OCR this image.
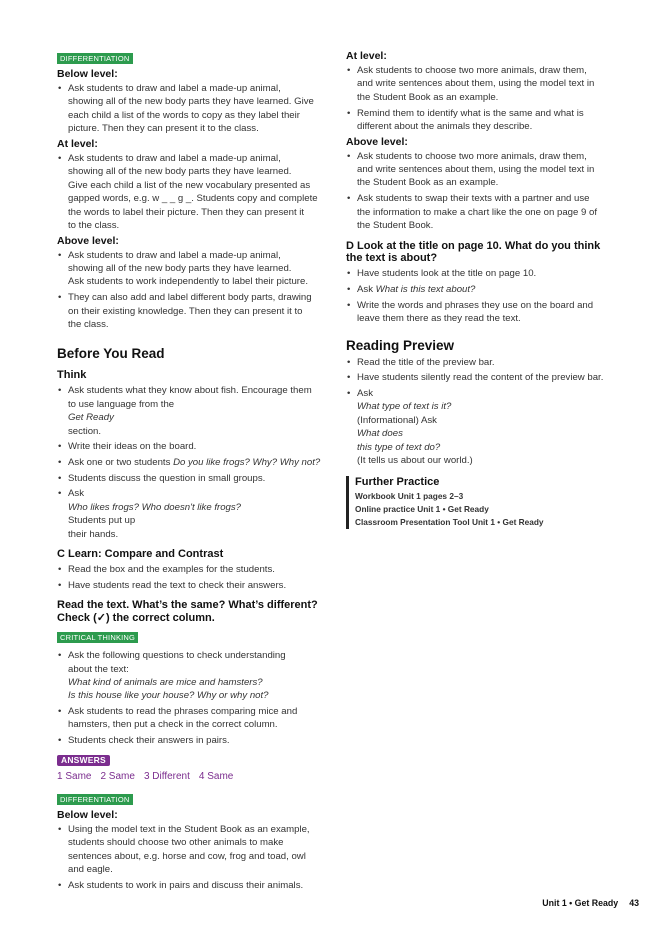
DIFFERENTIATION
Below level:
• Ask students to draw and label a made-up animal,
showing all of the new body parts they have learned. Give
each child a list of the words to copy as they label their
picture. Then they can present it to the class.
At level:
• Ask students to draw and label a made-up animal,
showing all of the new body parts they have learned.
Give each child a list of the new vocabulary presented as
gapped words, e.g. w _ _ g _. Students copy and complete
the words to label their picture. Then they can present it
to the class.
Above level:
• Ask students to draw and label a made-up animal,
showing all of the new body parts they have learned.
Ask students to work independently to label their picture.
• They can also add and label different body parts, drawing
on their existing knowledge. Then they can present it to
the class.
Before You Read
Think
• Ask students what they know about fish. Encourage them
to use language from the
Get Ready
section.
• Write their ideas on the board.
• Ask one or two students Do you like frogs? Why? Why not?
• Students discuss the question in small groups.
• Ask
Who likes frogs? Who doesn't like frogs?
Students put up
their hands.
C Learn: Compare and Contrast
• Read the box and the examples for the students.
• Have students read the text to check their answers.
Read the text. What’s the same? What’s different?
Check (✓) the correct column.
CRITICAL THINKING
• Ask the following questions to check understanding
about the text:
What kind of animals are mice and hamsters?
Is this house like your house? Why or why not?
• Ask students to read the phrases comparing mice and
hamsters, then put a check in the correct column.
• Students check their answers in pairs.
ANSWERS
1 Same 2 Same 3 Different 4 Same
DIFFERENTIATION
Below level:
• Using the model text in the Student Book as an example,
students should choose two other animals to make
sentences about, e.g. horse and cow, frog and toad, owl
and eagle.
• Ask students to work in pairs and discuss their animals.
At level:
• Ask students to choose two more animals, draw them,
and write sentences about them, using the model text in
the Student Book as an example.
• Remind them to identify what is the same and what is
different about the animals they describe.
Above level:
• Ask students to choose two more animals, draw them,
and write sentences about them, using the model text in
the Student Book as an example.
• Ask students to swap their texts with a partner and use
the information to make a chart like the one on page 9 of
the Student Book.
D Look at the title on page 10. What do you think
the text is about?
• Have students look at the title on page 10.
• Ask What is this text about?
• Write the words and phrases they use on the board and
leave them there as they read the text.
Reading Preview
• Read the title of the preview bar.
• Have students silently read the content of the preview bar.
• Ask
What type of text is it?
(Informational) Ask
What does
this type of text do?
(It tells us about our world.)
Further Practice
Workbook Unit 1 pages 2–3
Online practice Unit 1 • Get Ready
Classroom Presentation Tool Unit 1 • Get Ready
Unit 1 • Get Ready 43
